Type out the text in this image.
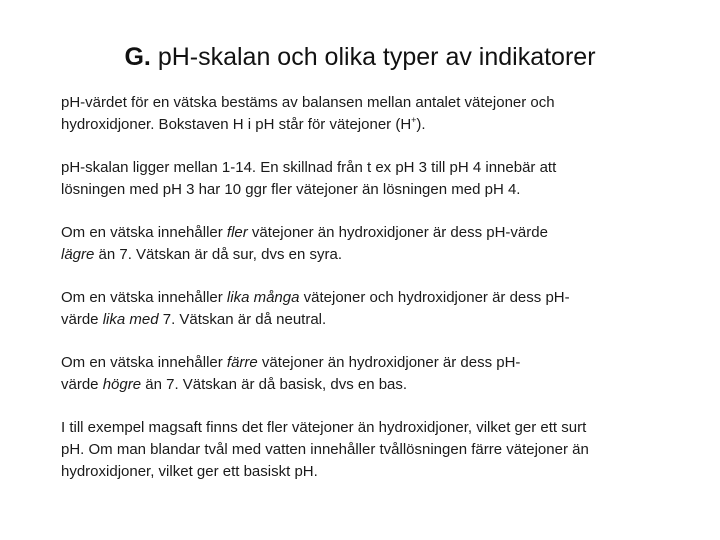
G. pH-skalan och olika typer av indikatorer

pH-värdet för en vätska bestäms av balansen mellan antalet vätejoner och
hydroxidjoner. Bokstaven H i pH står för vätejoner (H+).

pH-skalan ligger mellan 1-14. En skillnad från t ex pH 3 till pH 4 innebär att
lösningen med pH 3 har 10 ggr fler vätejoner än lösningen med pH 4.

Om en vätska innehåller fler vätejoner än hydroxidjoner är dess pH-värde
lägre än 7. Vätskan är då sur, dvs en syra.

Om en vätska innehåller lika många vätejoner och hydroxidjoner är dess pH-
värde lika med 7. Vätskan är då neutral.

Om en vätska innehåller färre vätejoner än hydroxidjoner är dess pH-
värde högre än 7. Vätskan är då basisk, dvs en bas.

I till exempel magsaft finns det fler vätejoner än hydroxidjoner, vilket ger ett surt
pH. Om man blandar tvål med vatten innehåller tvållösningen färre vätejoner än
hydroxidjoner, vilket ger ett basiskt pH.
